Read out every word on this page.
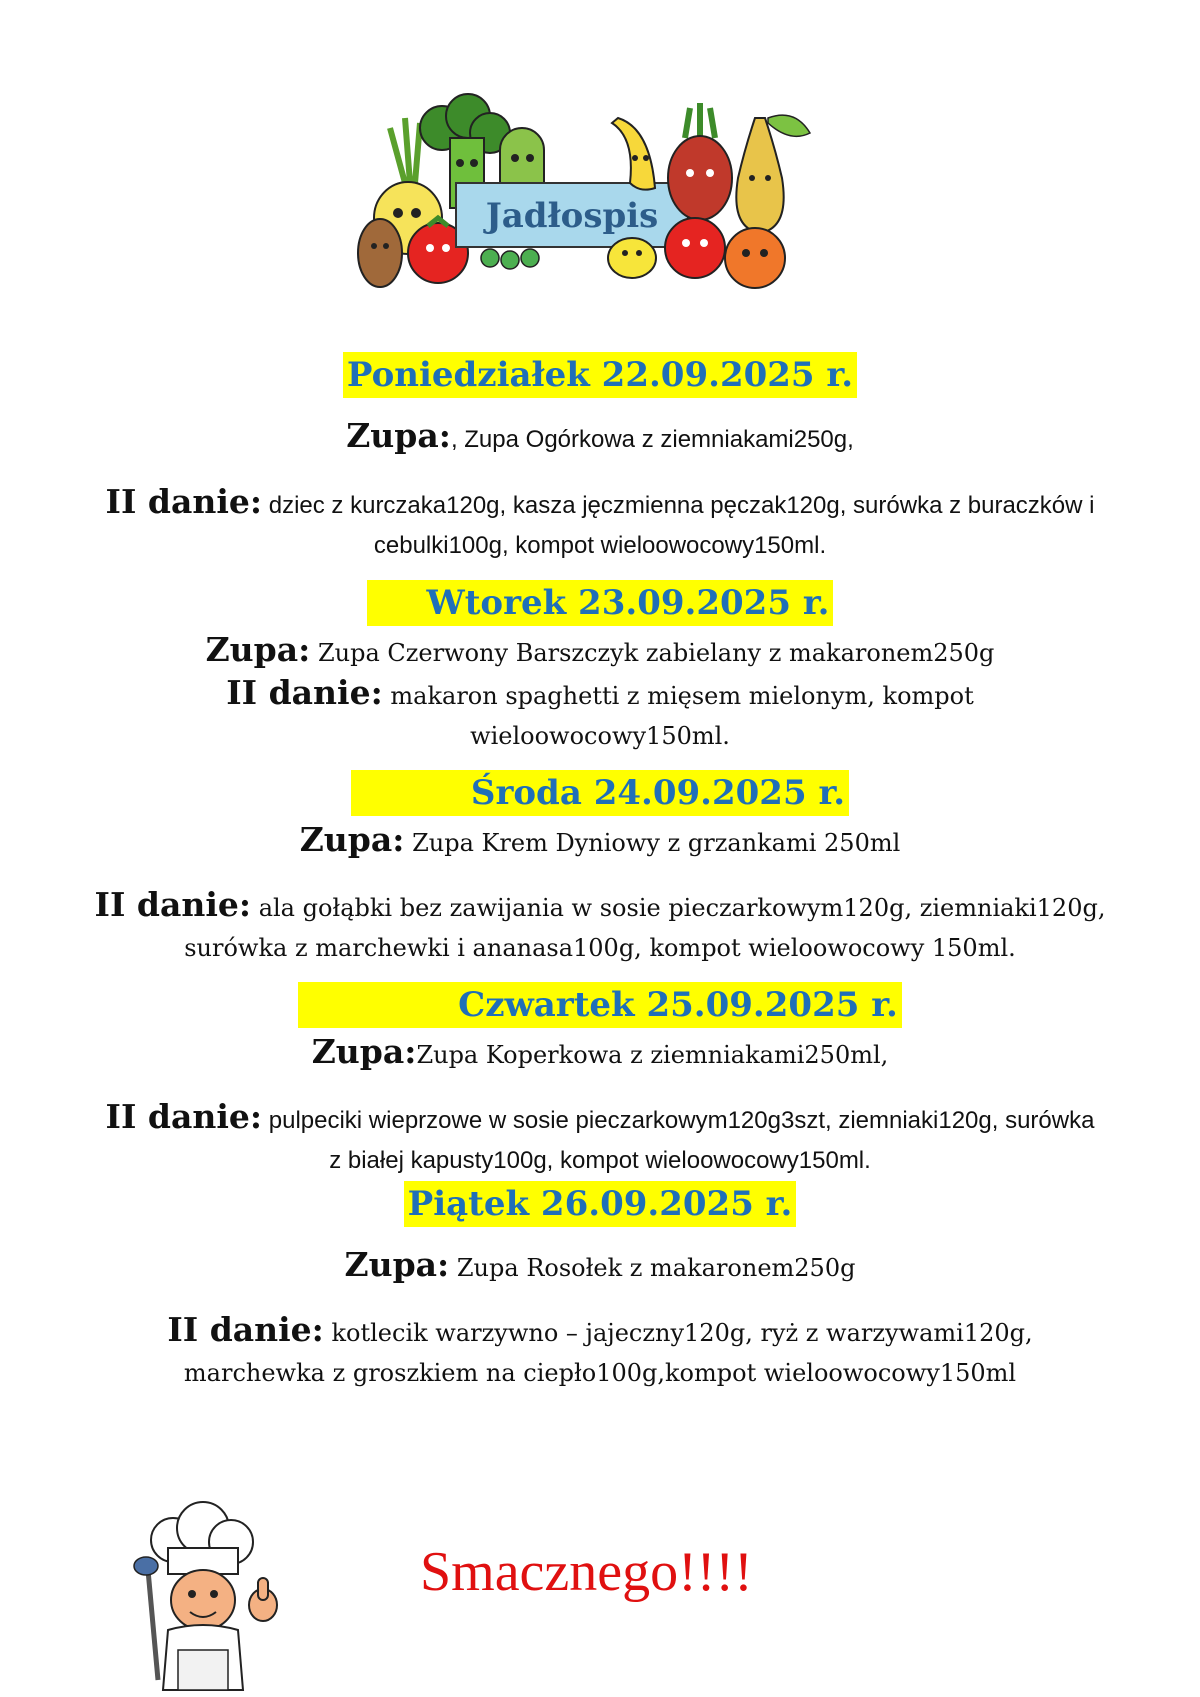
Jadłospis
Poniedziałek 22.09.2025 r.

Zupa:, Zupa Ogórkowa z ziemniakami250g,

II danie: dziec z kurczaka120g, kasza jęczmienna pęczak120g, surówka z buraczków i

cebulki100g, kompot wieloowocowy150ml.

Wtorek 23.09.2025 r.

Zupa: Zupa Czerwony Barszczyk zabielany z makaronem250g

II danie: makaron spaghetti z mięsem mielonym, kompot

wieloowocowy150ml.

Środa 24.09.2025 r.

Zupa: Zupa Krem Dyniowy z grzankami 250ml

II danie: ala gołąbki bez zawijania w sosie pieczarkowym120g, ziemniaki120g,

surówka z marchewki i ananasa100g, kompot wieloowocowy 150ml.

Czwartek 25.09.2025 r.

Zupa:Zupa Koperkowa z ziemniakami250ml,

II danie: pulpeciki wieprzowe w sosie pieczarkowym120g3szt, ziemniaki120g, surówka

z białej kapusty100g, kompot wieloowocowy150ml.

Piątek 26.09.2025 r.

Zupa: Zupa Rosołek z makaronem250g

II danie: kotlecik warzywno – jajeczny120g, ryż z warzywami120g,

marchewka z groszkiem na ciepło100g,kompot wieloowocowy150ml

Smacznego!!!!
